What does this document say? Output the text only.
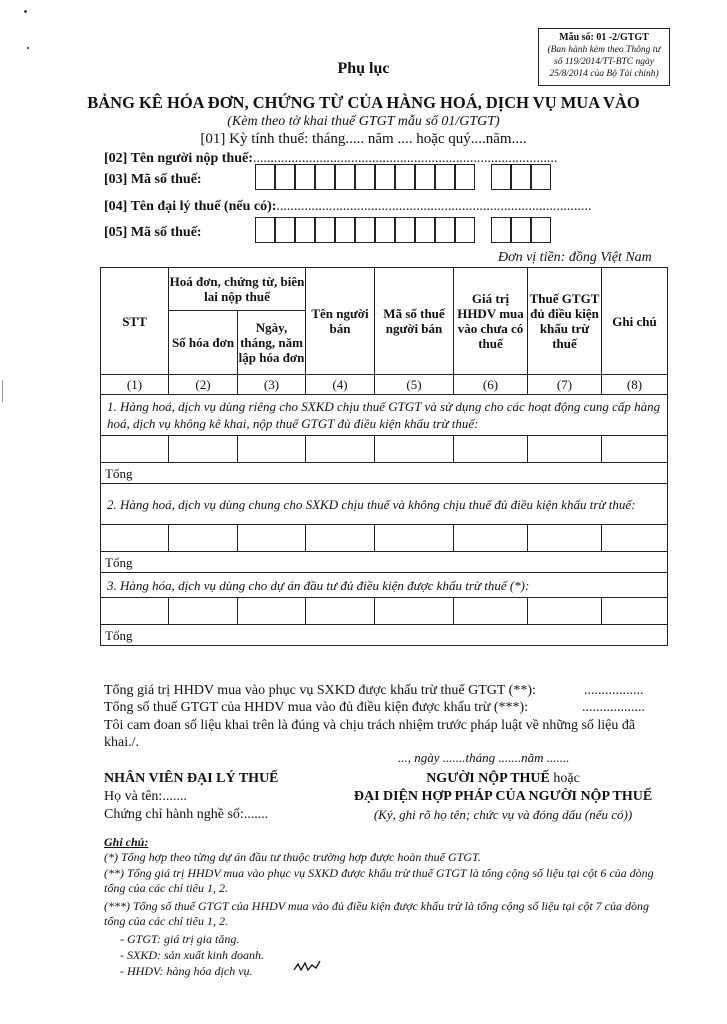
Mẫu số: 01 -2/GTGT
(Ban hành kèm theo Thông tư
số 119/2014/TT-BTC ngày
25/8/2014 của Bộ Tài chính)
Phụ lục
BẢNG KÊ HÓA ĐƠN, CHỨNG TỪ CỦA HÀNG HOÁ, DỊCH VỤ MUA VÀO
(Kèm theo tờ khai thuế GTGT mẫu số 01/GTGT)
[01] Kỳ tính thuế: tháng..... năm .... hoặc quý....năm....
[02] Tên người nộp thuế:.......................................................................................
[03] Mã số thuế:
[04] Tên đại lý thuế (nếu có):..........................................................................................
[05] Mã số thuế:
Đơn vị tiền: đồng Việt Nam
STT	Hoá đơn, chứng từ, biên lai nộp thuế		Tên người bán	Mã số thuế người bán	Giá trị HHDV mua vào chưa có thuế	Thuế GTGT đủ điều kiện khấu trừ thuế	Ghi chú
	Số hóa đơn	Ngày, tháng, năm lập hóa đơn					
(1)	(2)	(3)	(4)	(5)	(6)	(7)	(8)
1. Hàng hoá, dịch vụ dùng riêng cho SXKD chịu thuế GTGT và sử dụng cho các hoạt động cung cấp hàng hoá, dịch vụ không kê khai, nộp thuế GTGT đủ điều kiện khấu trừ thuế:							

Tổng							
2. Hàng hoá, dịch vụ dùng chung cho SXKD chịu thuế và không chịu thuế đủ điều kiện khấu trừ thuế:							

Tổng							
3. Hàng hóa, dịch vụ dùng cho dự án đầu tư đủ điều kiện được khấu trừ thuế (*):							

Tổng							
Tổng giá trị HHDV mua vào phục vụ SXKD được khấu trừ thuế GTGT (**):	.................
Tổng số thuế GTGT của HHDV mua vào đủ điều kiện được khấu trừ (***):	..................
Tôi cam đoan số liệu khai trên là đúng và chịu trách nhiệm trước pháp luật về những số liệu đã khai./.
..., ngày .......tháng .......năm .......
NHÂN VIÊN ĐẠI LÝ THUẾ
Họ và tên:.......
Chứng chỉ hành nghề số:.......
NGƯỜI NỘP THUẾ hoặc
ĐẠI DIỆN HỢP PHÁP CỦA NGƯỜI NỘP THUẾ
(Ký, ghi rõ họ tên; chức vụ và đóng dấu (nếu có))
Ghi chú:
(*) Tổng hợp theo từng dự án đầu tư thuộc trường hợp được hoàn thuế GTGT.
(**) Tổng giá trị HHDV mua vào phục vụ SXKD được khấu trừ thuế GTGT là tổng cộng số liệu tại cột 6 của dòng tổng của các chỉ tiêu 1, 2.
(***) Tổng số thuế GTGT của HHDV mua vào đủ điều kiện được khấu trừ là tổng cộng số liệu tại cột 7 của dòng tổng của các chỉ tiêu 1, 2.
- GTGT: giá trị gia tăng.
- SXKD: sản xuất kinh doanh.
- HHDV: hàng hóa dịch vụ.
